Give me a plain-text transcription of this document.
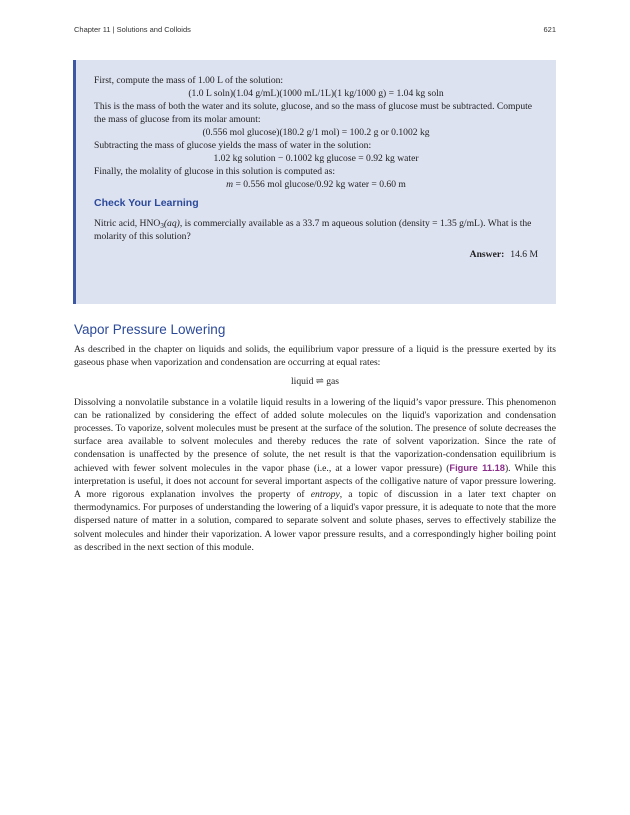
Chapter 11 | Solutions and Colloids	621

First, compute the mass of 1.00 L of the solution:

(1.0 L soln)(1.04 g/mL)(1000 mL/1L)(1 kg/1000 g) = 1.04 kg soln

This is the mass of both the water and its solute, glucose, and so the mass of glucose must be subtracted. Compute the mass of glucose from its molar amount:

(0.556 mol glucose)(180.2 g/1 mol) = 100.2 g or 0.1002 kg

Subtracting the mass of glucose yields the mass of water in the solution:

1.02 kg solution − 0.1002 kg glucose = 0.92 kg water

Finally, the molality of glucose in this solution is computed as:

m = 0.556 mol glucose/0.92 kg water = 0.60 m

Check Your Learning

Nitric acid, $HNO_3(aq)$, is commercially available as a 33.7 m aqueous solution (density = 1.35 g/mL). What is the molarity of this solution?

Answer: 14.6 M

Vapor Pressure Lowering

As described in the chapter on liquids and solids, the equilibrium vapor pressure of a liquid is the pressure exerted by its gaseous phase when vaporization and condensation are occurring at equal rates:

liquid ⇌ gas

Dissolving a nonvolatile substance in a volatile liquid results in a lowering of the liquid’s vapor pressure. This phenomenon can be rationalized by considering the effect of added solute molecules on the liquid's vaporization and condensation processes. To vaporize, solvent molecules must be present at the surface of the solution. The presence of solute decreases the surface area available to solvent molecules and thereby reduces the rate of solvent vaporization. Since the rate of condensation is unaffected by the presence of solute, the net result is that the vaporization-condensation equilibrium is achieved with fewer solvent molecules in the vapor phase (i.e., at a lower vapor pressure) (Figure 11.18). While this interpretation is useful, it does not account for several important aspects of the colligative nature of vapor pressure lowering. A more rigorous explanation involves the property of entropy, a topic of discussion in a later text chapter on thermodynamics. For purposes of understanding the lowering of a liquid's vapor pressure, it is adequate to note that the more dispersed nature of matter in a solution, compared to separate solvent and solute phases, serves to effectively stabilize the solvent molecules and hinder their vaporization. A lower vapor pressure results, and a correspondingly higher boiling point as described in the next section of this module.
